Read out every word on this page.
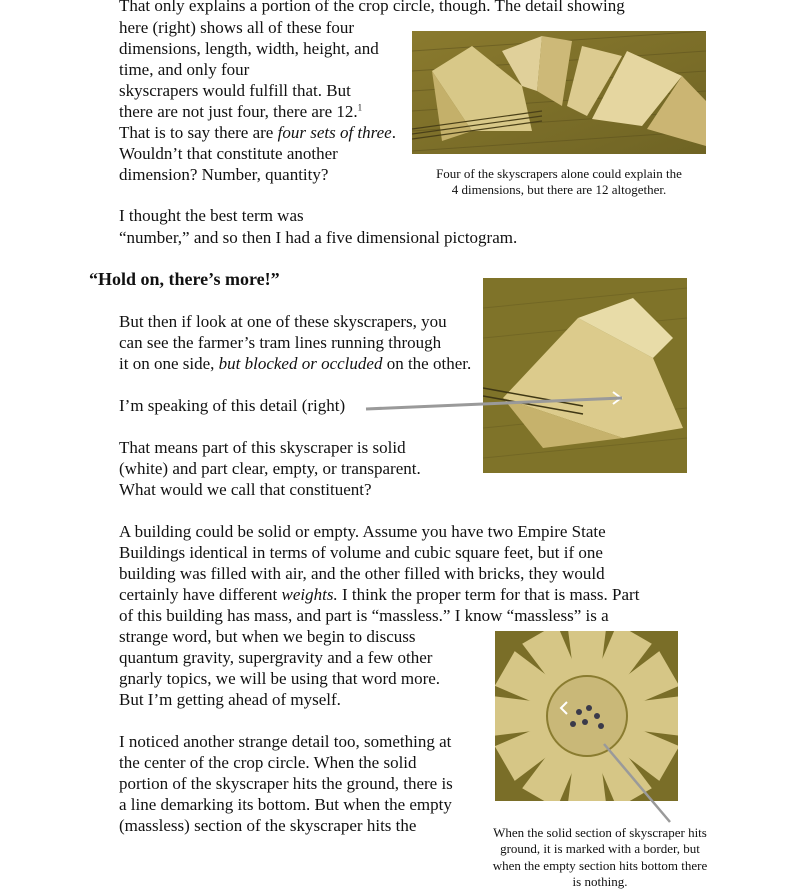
That only explains a portion of the crop circle, though. The detail showing
here (right) shows all of these four
dimensions, length, width, height, and
time, and only four
skyscrapers would fulfill that. But
there are not just four, there are 12.$^1$
That is to say there are four sets of three.
Wouldn’t that constitute another
dimension? Number, quantity?
I thought the best term was
“number,” and so then I had a five dimensional pictogram.
Four of the skyscrapers alone could explain the
4 dimensions, but there are 12 altogether.
“Hold on, there’s more!”
But then if look at one of these skyscrapers, you
can see the farmer’s tram lines running through
it on one side, but blocked or occluded on the other.
I’m speaking of this detail (right)
That means part of this skyscraper is solid
(white) and part clear, empty, or transparent.
What would we call that constituent?
A building could be solid or empty. Assume you have two Empire State
Buildings identical in terms of volume and cubic square feet, but if one
building was filled with air, and the other filled with bricks, they would
certainly have different weights. I think the proper term for that is mass. Part
of this building has mass, and part is “massless.” I know “massless” is a
strange word, but when we begin to discuss
quantum gravity, supergravity and a few other
gnarly topics, we will be using that word more.
But I’m getting ahead of myself.
I noticed another strange detail too, something at
the center of the crop circle. When the solid
portion of the skyscraper hits the ground, there is
a line demarking its bottom. But when the empty
(massless) section of the skyscraper hits the	When the solid section of skyscraper hits
ground, it is marked with a border, but
when the empty section hits bottom there
is nothing.
